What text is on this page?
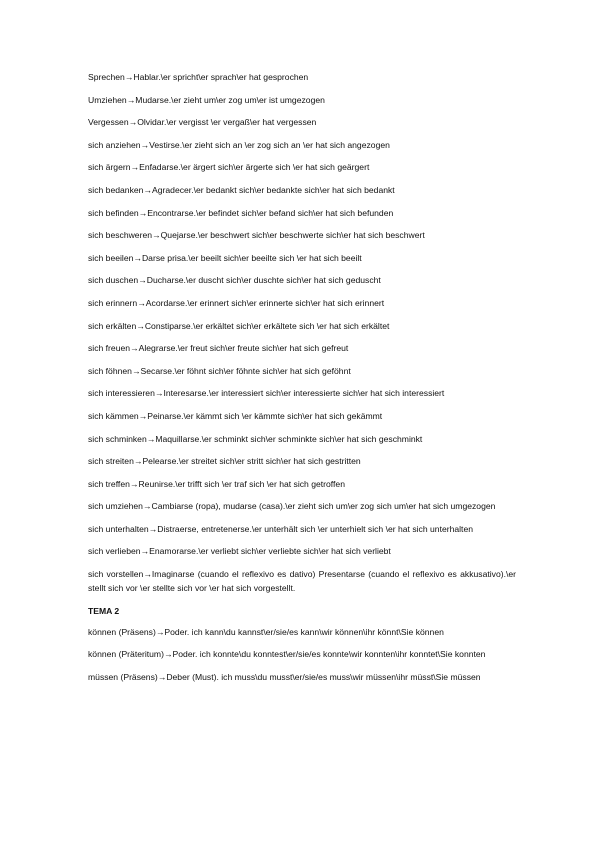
Sprechen→Hablar.\er spricht\er sprach\er hat gesprochen
Umziehen→Mudarse.\er zieht um\er zog um\er ist umgezogen
Vergessen→Olvidar.\er vergisst \er vergaß\er hat vergessen
sich anziehen→Vestirse.\er zieht sich an \er zog sich an \er hat sich angezogen
sich ärgern→Enfadarse.\er ärgert sich\er ärgerte sich \er hat sich geärgert
sich bedanken→Agradecer.\er bedankt sich\er bedankte sich\er hat sich bedankt
sich befinden→Encontrarse.\er befindet sich\er befand sich\er hat sich befunden
sich beschweren→Quejarse.\er beschwert sich\er beschwerte sich\er hat sich beschwert
sich beeilen→Darse prisa.\er beeilt sich\er beeilte sich \er hat sich beeilt
sich duschen→Ducharse.\er duscht sich\er duschte sich\er hat sich geduscht
sich erinnern→Acordarse.\er erinnert sich\er erinnerte sich\er hat sich erinnert
sich erkälten→Constiparse.\er erkältet sich\er erkältete sich \er hat sich erkältet
sich freuen→Alegrarse.\er freut sich\er freute sich\er hat sich gefreut
sich föhnen→Secarse.\er föhnt sich\er föhnte sich\er hat sich geföhnt
sich interessieren→Interesarse.\er interessiert sich\er interessierte sich\er hat sich interessiert
sich kämmen→Peinarse.\er kämmt sich \er kämmte sich\er hat sich gekämmt
sich schminken→Maquillarse.\er schminkt sich\er schminkte sich\er hat sich geschminkt
sich streiten→Pelearse.\er streitet sich\er stritt sich\er hat sich gestritten
sich treffen→Reunirse.\er trifft sich \er traf sich \er hat sich getroffen
sich umziehen→Cambiarse (ropa), mudarse (casa).\er zieht sich um\er zog sich um\er hat sich umgezogen
sich unterhalten→Distraerse, entretenerse.\er unterhält sich \er unterhielt sich \er hat sich unterhalten
sich verlieben→Enamorarse.\er verliebt sich\er verliebte sich\er hat sich verliebt
sich vorstellen→Imaginarse (cuando el reflexivo es dativo) Presentarse (cuando el reflexivo es akkusativo).\er stellt sich vor \er stellte sich vor \er hat sich vorgestellt.
TEMA 2
können (Präsens)→Poder. ich kann\du kannst\er/sie/es kann\wir können\ihr könnt\Sie können
können (Präteritum)→Poder. ich konnte\du konntest\er/sie/es konnte\wir konnten\ihr konntet\Sie konnten
müssen (Präsens)→Deber (Must). ich muss\du musst\er/sie/es muss\wir müssen\ihr müsst\Sie müssen
